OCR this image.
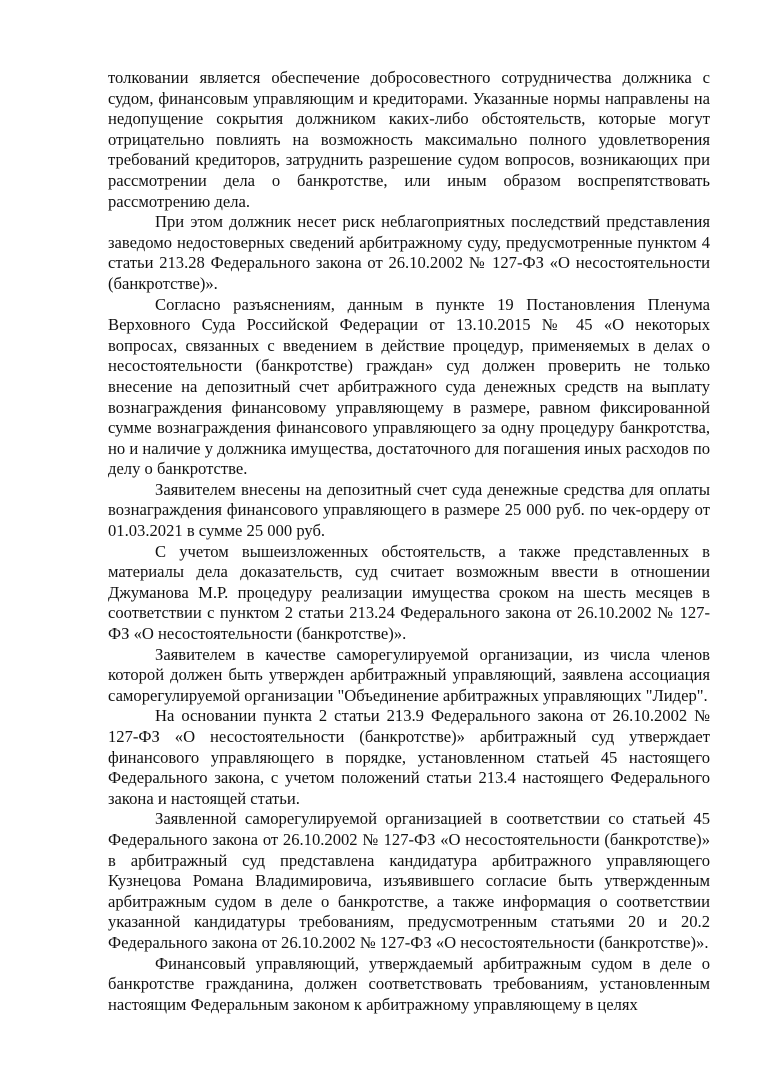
толковании является обеспечение добросовестного сотрудничества должника с судом, финансовым управляющим и кредиторами. Указанные нормы направлены на недопущение сокрытия должником каких-либо обстоятельств, которые могут отрицательно повлиять на возможность максимально полного удовлетворения требований кредиторов, затруднить разрешение судом вопросов, возникающих при рассмотрении дела о банкротстве, или иным образом воспрепятствовать рассмотрению дела.

При этом должник несет риск неблагоприятных последствий представления заведомо недостоверных сведений арбитражному суду, предусмотренные пунктом 4 статьи 213.28 Федерального закона от 26.10.2002 № 127-ФЗ «О несостоятельности (банкротстве)».

Согласно разъяснениям, данным в пункте 19 Постановления Пленума Верховного Суда Российской Федерации от 13.10.2015 № 45 «О некоторых вопросах, связанных с введением в действие процедур, применяемых в делах о несостоятельности (банкротстве) граждан» суд должен проверить не только внесение на депозитный счет арбитражного суда денежных средств на выплату вознаграждения финансовому управляющему в размере, равном фиксированной сумме вознаграждения финансового управляющего за одну процедуру банкротства, но и наличие у должника имущества, достаточного для погашения иных расходов по делу о банкротстве.

Заявителем внесены на депозитный счет суда денежные средства для оплаты вознаграждения финансового управляющего в размере 25 000 руб. по чек-ордеру от 01.03.2021 в сумме 25 000 руб.

С учетом вышеизложенных обстоятельств, а также представленных в материалы дела доказательств, суд считает возможным ввести в отношении Джуманова М.Р. процедуру реализации имущества сроком на шесть месяцев в соответствии с пунктом 2 статьи 213.24 Федерального закона от 26.10.2002 № 127-ФЗ «О несостоятельности (банкротстве)».

Заявителем в качестве саморегулируемой организации, из числа членов которой должен быть утвержден арбитражный управляющий, заявлена ассоциация саморегулируемой организации "Объединение арбитражных управляющих "Лидер".

На основании пункта 2 статьи 213.9 Федерального закона от 26.10.2002 № 127-ФЗ «О несостоятельности (банкротстве)» арбитражный суд утверждает финансового управляющего в порядке, установленном статьей 45 настоящего Федерального закона, с учетом положений статьи 213.4 настоящего Федерального закона и настоящей статьи.

Заявленной саморегулируемой организацией в соответствии со статьей 45 Федерального закона от 26.10.2002 № 127-ФЗ «О несостоятельности (банкротстве)» в арбитражный суд представлена кандидатура арбитражного управляющего Кузнецова Романа Владимировича, изъявившего согласие быть утвержденным арбитражным судом в деле о банкротстве, а также информация о соответствии указанной кандидатуры требованиям, предусмотренным статьями 20 и 20.2 Федерального закона от 26.10.2002 № 127-ФЗ «О несостоятельности (банкротстве)».

Финансовый управляющий, утверждаемый арбитражным судом в деле о банкротстве гражданина, должен соответствовать требованиям, установленным настоящим Федеральным законом к арбитражному управляющему в целях
